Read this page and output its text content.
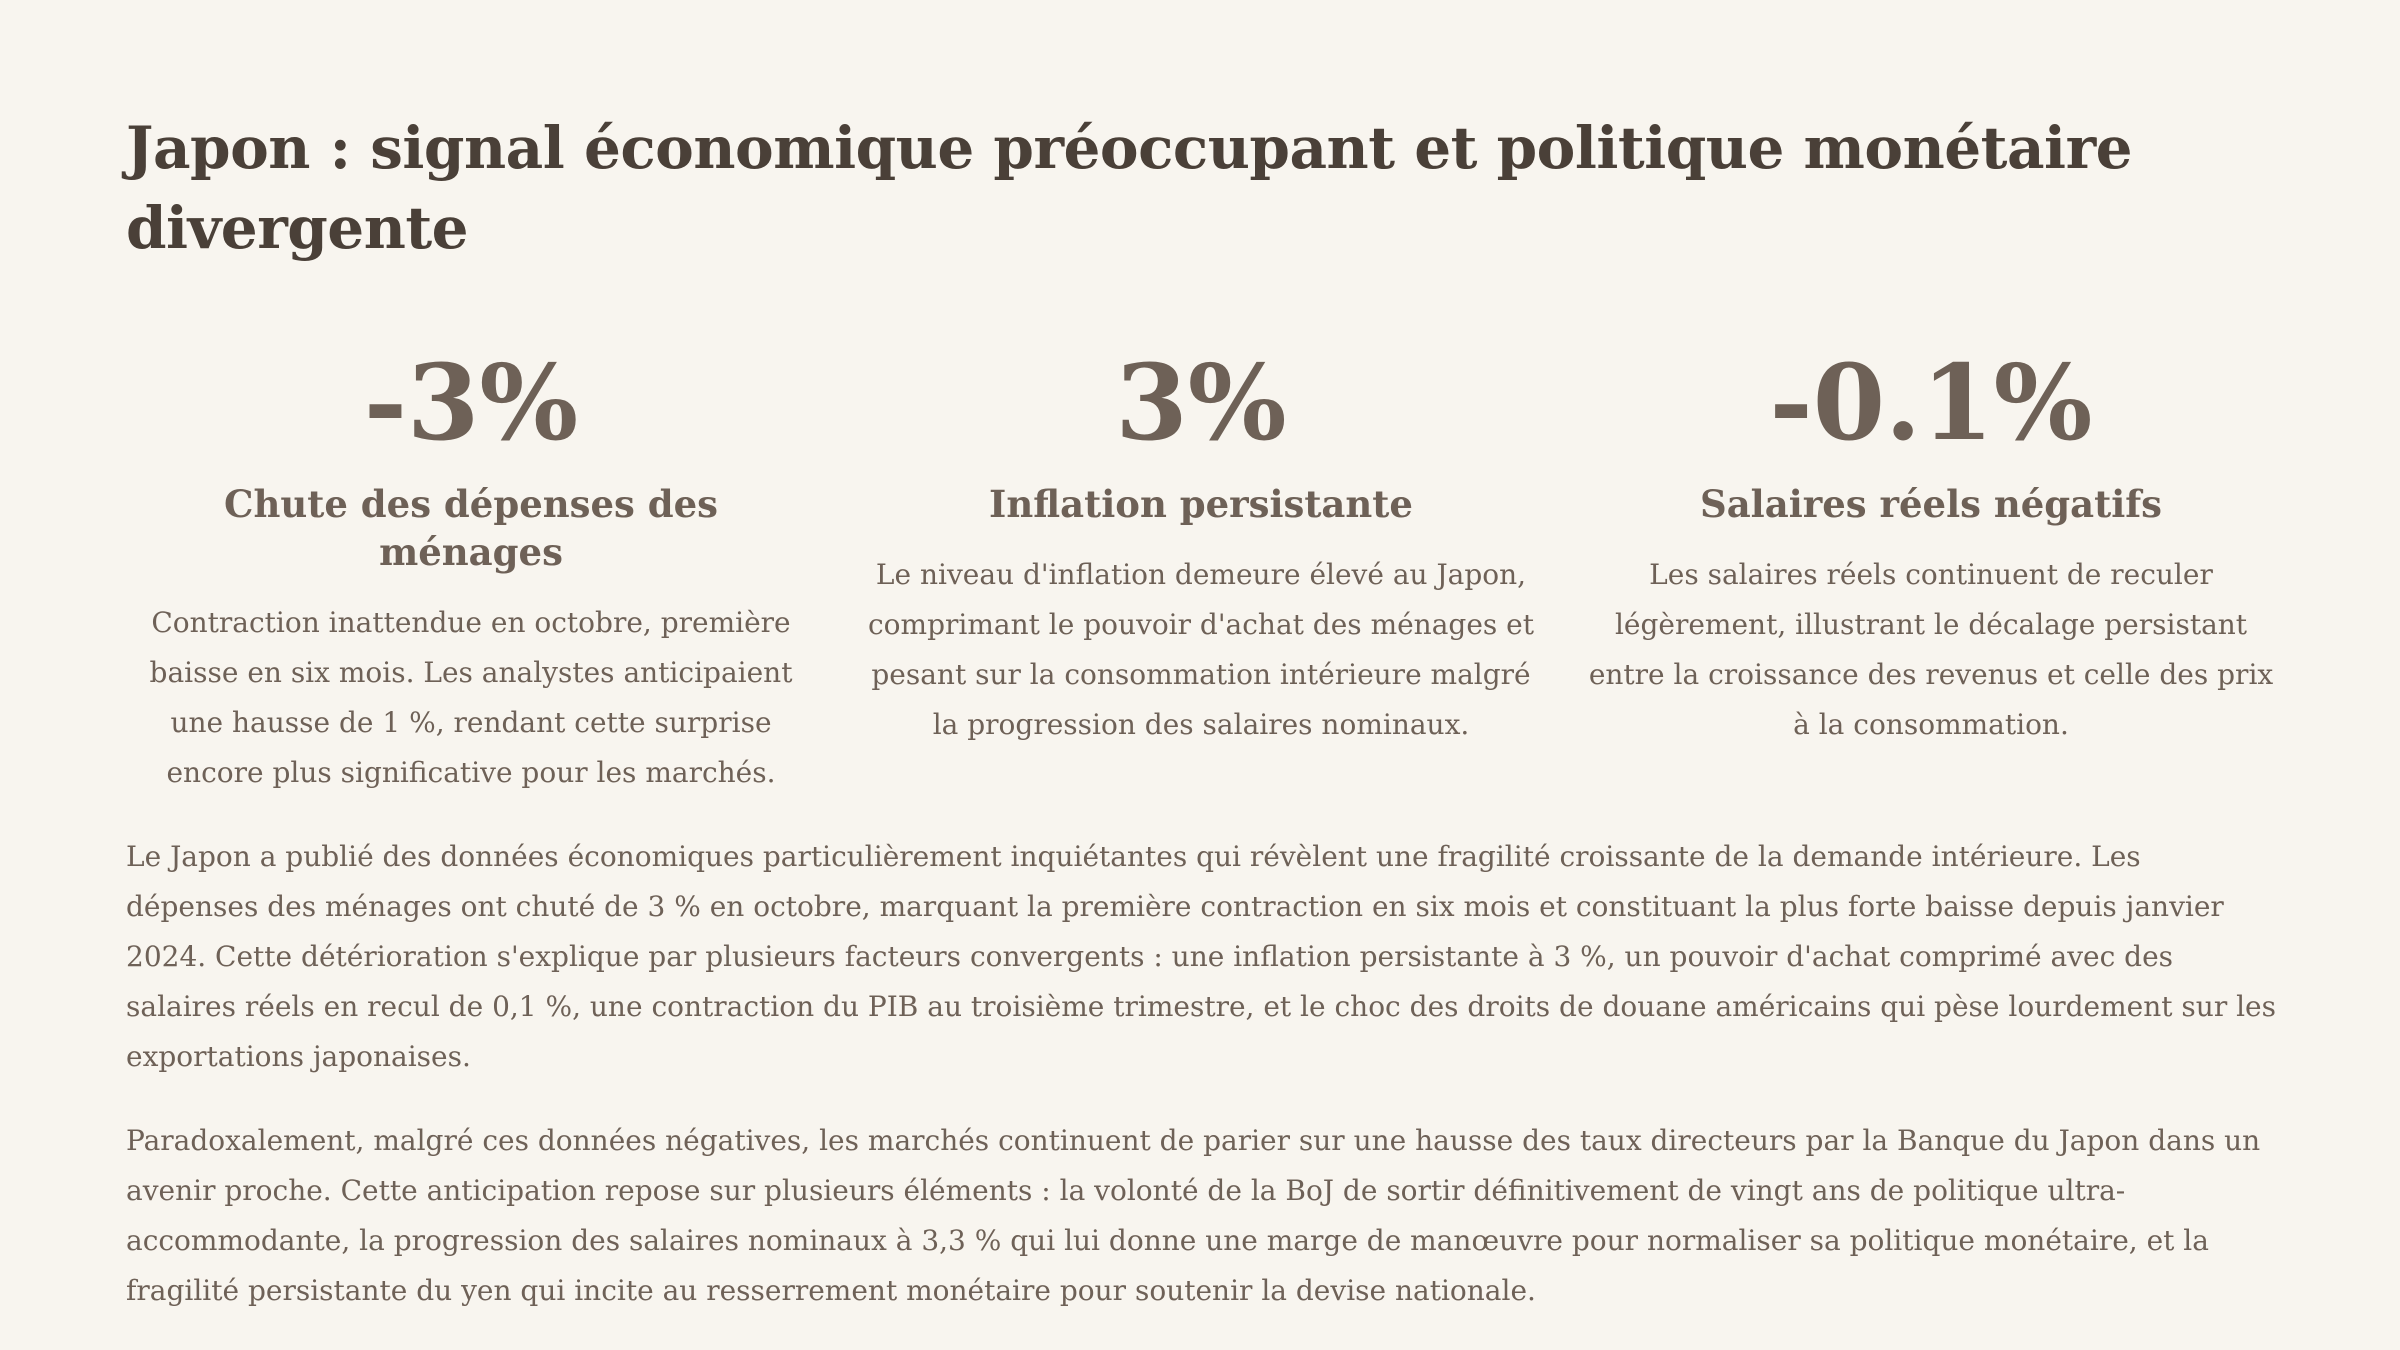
Japon : signal économique préoccupant et politique monétaire divergente
-3%
Chute des dépenses des ménages
Contraction inattendue en octobre, première baisse en six mois. Les analystes anticipaient une hausse de 1 %, rendant cette surprise encore plus significative pour les marchés.
3%
Inflation persistante
Le niveau d'inflation demeure élevé au Japon, comprimant le pouvoir d'achat des ménages et pesant sur la consommation intérieure malgré la progression des salaires nominaux.
-0.1%
Salaires réels négatifs
Les salaires réels continuent de reculer légèrement, illustrant le décalage persistant entre la croissance des revenus et celle des prix à la consommation.

Le Japon a publié des données économiques particulièrement inquiétantes qui révèlent une fragilité croissante de la demande intérieure. Les dépenses des ménages ont chuté de 3 % en octobre, marquant la première contraction en six mois et constituant la plus forte baisse depuis janvier 2024. Cette détérioration s'explique par plusieurs facteurs convergents : une inflation persistante à 3 %, un pouvoir d'achat comprimé avec des salaires réels en recul de 0,1 %, une contraction du PIB au troisième trimestre, et le choc des droits de douane américains qui pèse lourdement sur les exportations japonaises.

Paradoxalement, malgré ces données négatives, les marchés continuent de parier sur une hausse des taux directeurs par la Banque du Japon dans un avenir proche. Cette anticipation repose sur plusieurs éléments : la volonté de la BoJ de sortir définitivement de vingt ans de politique ultra-accommodante, la progression des salaires nominaux à 3,3 % qui lui donne une marge de manœuvre pour normaliser sa politique monétaire, et la fragilité persistante du yen qui incite au resserrement monétaire pour soutenir la devise nationale.
